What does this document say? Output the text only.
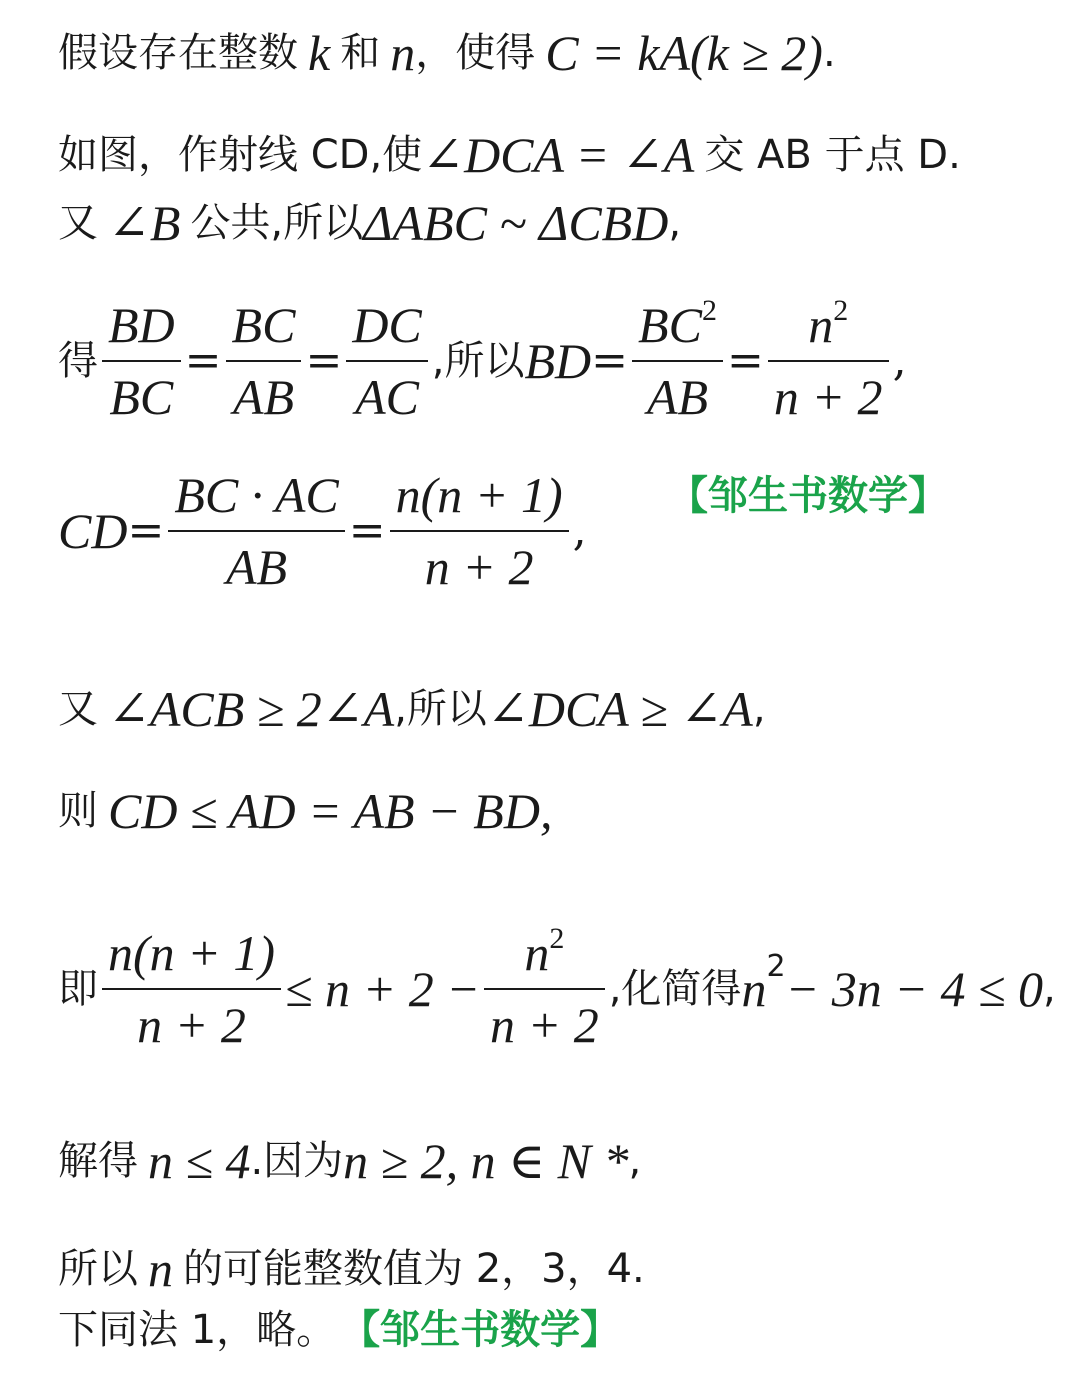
假设存在整数 k 和 n ，使得 C = kA(k ≥ 2) .
如图，作射线 CD,使 ∠DCA = ∠A 交 AB 于点 D.
又 ∠B 公共,所以 ΔABC ~ ΔCBD ,
得 $\frac{BD}{BC} = \frac{BC}{AB} = \frac{DC}{AC}$ ,所以 BD = $\frac{BC^2}{AB} = \frac{n^2}{n + 2}$ ,
CD = $\frac{BC \cdot AC}{AB} = \frac{n(n + 1)}{n + 2}$ ,
【邹生书数学】
又 ∠ACB ≥ 2∠A ,所以 ∠DCA ≥ ∠A ,
则 CD ≤ AD = AB − BD,
即 $\frac{n(n + 1)}{n + 2} \le n + 2 - \frac{n^2}{n + 2}$ ,化简得 n 2 − 3n − 4 ≤ 0 ,
解得 n ≤ 4 .因为 n ≥ 2, n ∈ N * ,
所以 n 的可能整数值为 2，3，4.
下同法 1，略。 【邹生书数学】
